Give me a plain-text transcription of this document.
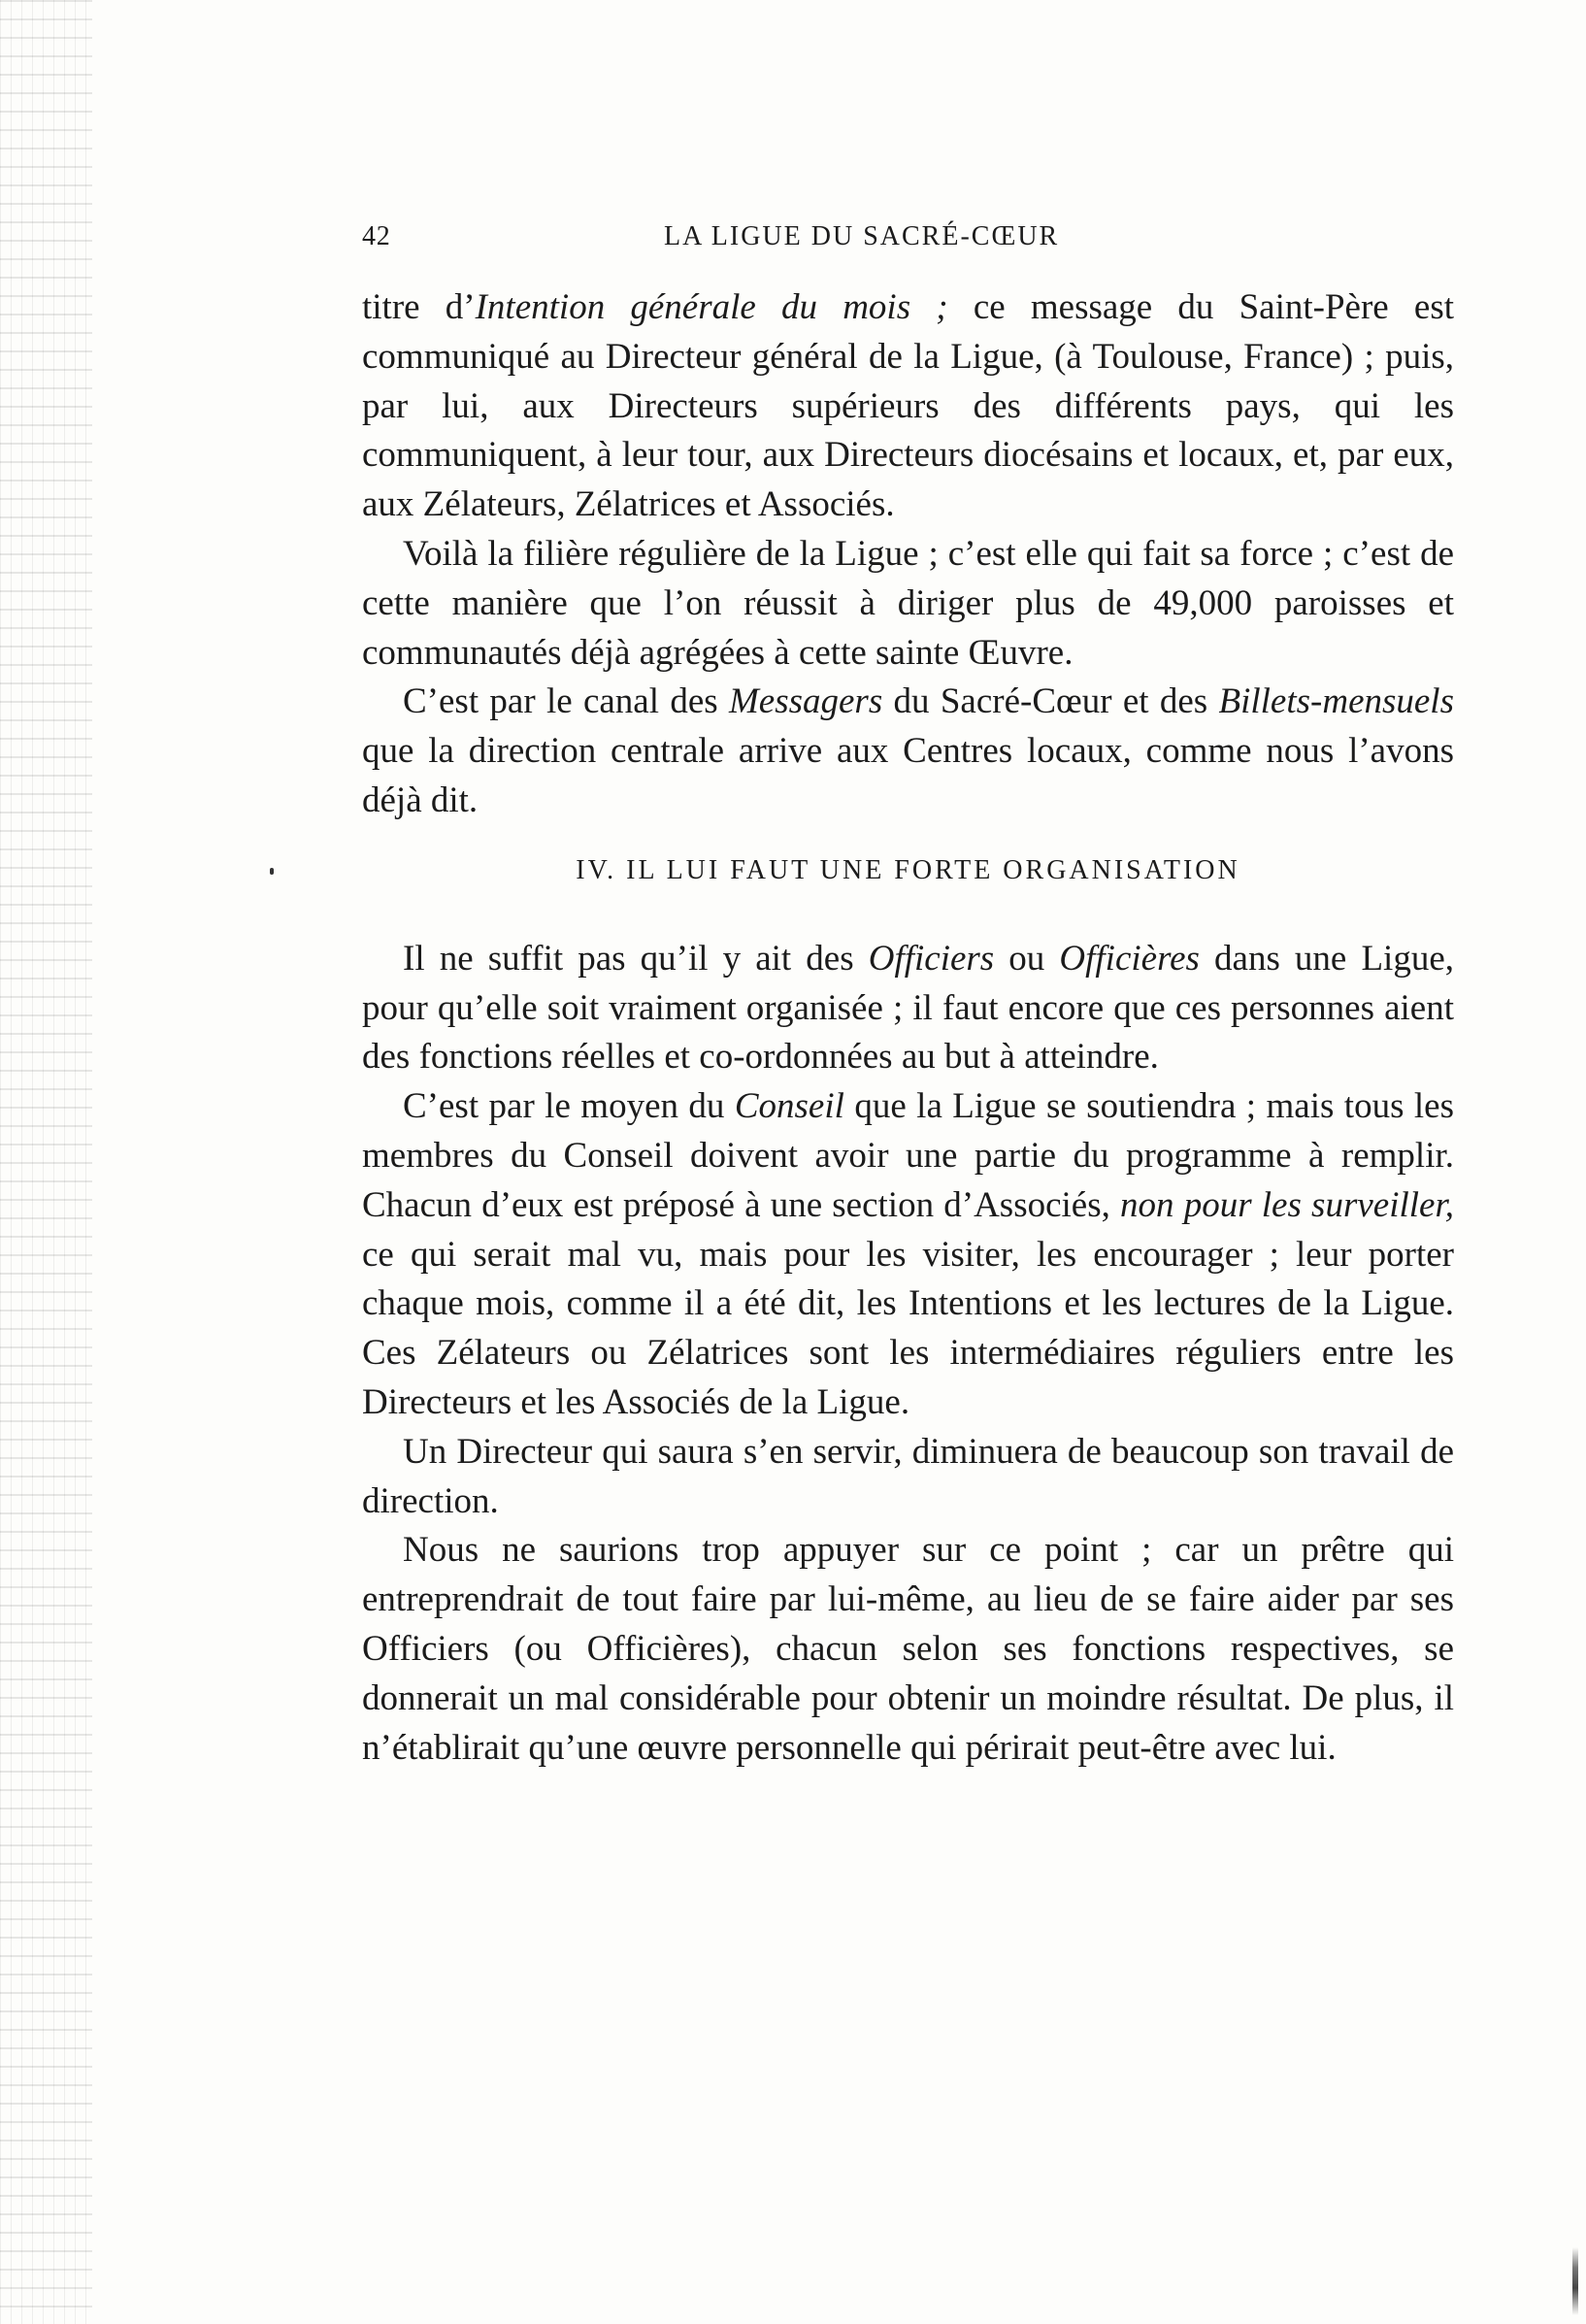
42	LA LIGUE DU SACRÉ-CŒUR

titre d’Intention générale du mois ; ce message du Saint-Père est communiqué au Directeur général de la Ligue, (à Toulouse, France) ; puis, par lui, aux Directeurs supérieurs des différents pays, qui les communiquent, à leur tour, aux Directeurs diocésains et locaux, et, par eux, aux Zélateurs, Zélatrices et Associés.

Voilà la filière régulière de la Ligue ; c’est elle qui fait sa force ; c’est de cette manière que l’on réussit à diriger plus de 49,000 paroisses et communautés déjà agrégées à cette sainte Œuvre.

C’est par le canal des Messagers du Sacré-Cœur et des Billets-mensuels que la direction centrale arrive aux Centres locaux, comme nous l’avons déjà dit.

IV. IL LUI FAUT UNE FORTE ORGANISATION

Il ne suffit pas qu’il y ait des Officiers ou Officières dans une Ligue, pour qu’elle soit vraiment organisée ; il faut encore que ces personnes aient des fonctions réelles et co-ordonnées au but à atteindre.

C’est par le moyen du Conseil que la Ligue se soutiendra ; mais tous les membres du Conseil doivent avoir une partie du programme à remplir. Chacun d’eux est préposé à une section d’Associés, non pour les surveiller, ce qui serait mal vu, mais pour les visiter, les encourager ; leur porter chaque mois, comme il a été dit, les Intentions et les lectures de la Ligue. Ces Zélateurs ou Zélatrices sont les intermédiaires réguliers entre les Directeurs et les Associés de la Ligue.

Un Directeur qui saura s’en servir, diminuera de beaucoup son travail de direction.

Nous ne saurions trop appuyer sur ce point ; car un prêtre qui entreprendrait de tout faire par lui-même, au lieu de se faire aider par ses Officiers (ou Officières), chacun selon ses fonctions respectives, se donnerait un mal considérable pour obtenir un moindre résultat. De plus, il n’établirait qu’une œuvre personnelle qui périrait peut-être avec lui.
